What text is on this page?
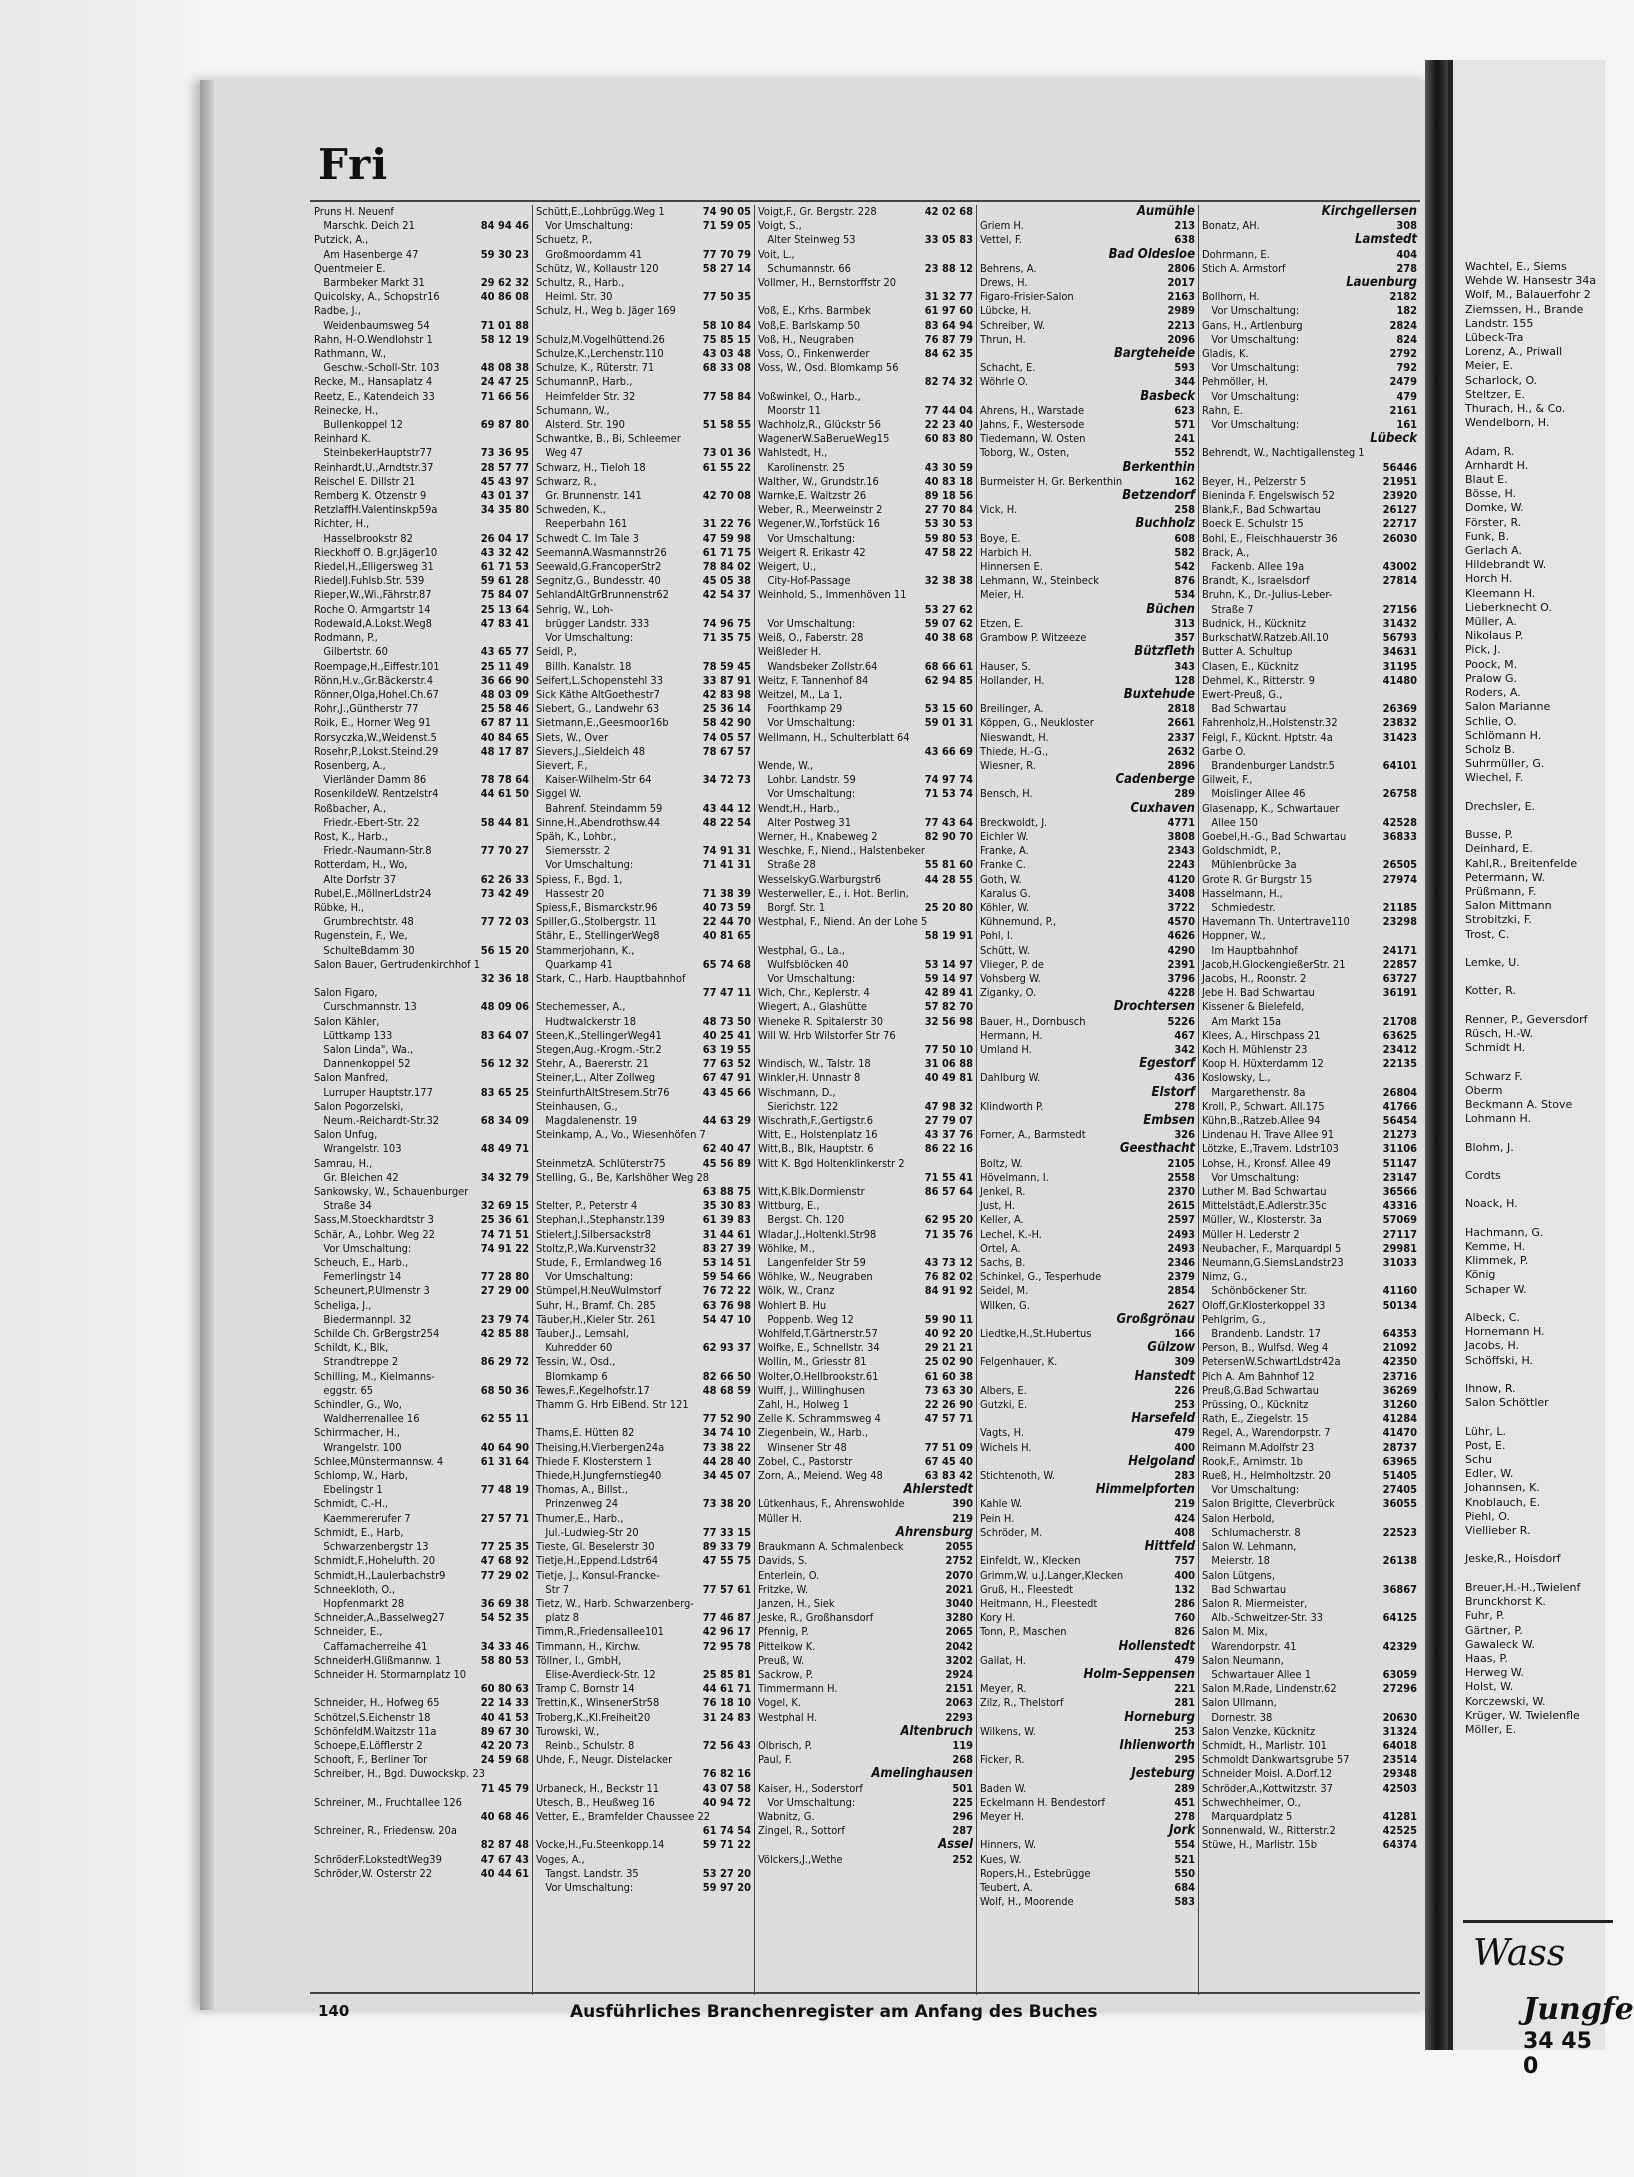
Fri
Pruns H. Neuenf
Marschk. Deich 21	84 94 46
Putzick, A.,
Am Hasenberge 47	59 30 23
Quentmeier E.
Barmbeker Markt 31	29 62 32
Quicolsky, A., Schopstr16	40 86 08
Radbe, J.,
Weidenbaumsweg 54	71 01 88
Rahn, H-O.Wendlohstr 1	58 12 19
Rathmann, W.,
Geschw.-Scholl-Str. 103	48 08 38
Recke, M., Hansaplatz 4	24 47 25
Reetz, E., Katendeich 33	71 66 56
Reinecke, H.,
Bullenkoppel 12	69 87 80
Reinhard K.
SteinbekerHauptstr77	73 36 95
Reinhardt,U.,Arndtstr.37	28 57 77
Reischel E. Dillstr 21	45 43 97
Remberg K. Otzenstr 9	43 01 37
RetzlaffH.Valentinskp59a	34 35 80
Richter, H.,
Hasselbrookstr 82	26 04 17
Rieckhoff O. B.gr.Jäger10	43 32 42
Riedel,H.,Elligersweg 31	61 71 53
RiedelJ.Fuhlsb.Str. 539	59 61 28
Rieper,W.,Wi.,Fährstr.87	75 84 07
Roche O. Armgartstr 14	25 13 64
Rodewald,A.Lokst.Weg8	47 83 41
Rodmann, P.,
Gilbertstr. 60	43 65 77
Roempage,H.,Eiffestr.101	25 11 49
Rönn,H.v.,Gr.Bäckerstr.4	36 66 90
Rönner,Olga,Hohel.Ch.67	48 03 09
Rohr,J.,Güntherstr 77	25 58 46
Roik, E., Horner Weg 91	67 87 11
Rorsyczka,W.,Weidenst.5	40 84 65
Rosehr,P.,Lokst.Steind.29	48 17 87
Rosenberg, A.,
Vierländer Damm 86	78 78 64
RosenkildeW. Rentzelstr4	44 61 50
Roßbacher, A.,
Friedr.-Ebert-Str. 22	58 44 81
Rost, K., Harb.,
Friedr.-Naumann-Str.8	77 70 27
Rotterdam, H., Wo,
Alte Dorfstr 37	62 26 33
Rubel,E.,MöllnerLdstr24	73 42 49
Rübke, H.,
Grumbrechtstr. 48	77 72 03
Rugenstein, F., We,
SchulteBdamm 30	56 15 20
Salon Bauer, Gertrudenkirchhof 1
32 36 18
Salon Figaro,
Curschmannstr. 13	48 09 06
Salon Kähler,
Lüttkamp 133	83 64 07
Salon Linda", Wa.,
Dannenkoppel 52	56 12 32
Salon Manfred,
Lurruper Hauptstr.177	83 65 25
Salon Pogorzelski,
Neum.-Reichardt-Str.32	68 34 09
Salon Unfug,
Wrangelstr. 103	48 49 71
Samrau, H.,
Gr. Bleichen 42	34 32 79
Sankowsky, W., Schauenburger
Straße 34	32 69 15
Sass,M.Stoeckhardtstr 3	25 36 61
Schär, A., Lohbr. Weg 22	74 71 51
Vor Umschaltung:	74 91 22
Scheuch, E., Harb.,
Femerlingstr 14	77 28 80
Scheunert,P.Ulmenstr 3	27 29 00
Scheliga, J.,
Biedermannpl. 32	23 79 74
Schilde Ch. GrBergstr254	42 85 88
Schildt, K., Blk,
Strandtreppe 2	86 29 72
Schilling, M., Kielmanns-
eggstr. 65	68 50 36
Schindler, G., Wo,
Waldherrenallee 16	62 55 11
Schirrmacher, H.,
Wrangelstr. 100	40 64 90
Schlee,Münstermannsw. 4	61 31 64
Schlomp, W., Harb,
Ebelingstr 1	77 48 19
Schmidt, C.-H.,
Kaemmererufer 7	27 57 71
Schmidt, E., Harb,
Schwarzenbergstr 13	77 25 35
Schmidt,F.,Hohelufth. 20	47 68 92
Schmidt,H.,Laulerbachstr9	77 29 02
Schneekloth, O.,
Hopfenmarkt 28	36 69 38
Schneider,A.,Basselweg27	54 52 35
Schneider, E.,
Caffamacherreihe 41	34 33 46
SchneiderH.Glißmannw. 1	58 80 53
Schneider H. Stormarnplatz 10
60 80 63
Schneider, H., Hofweg 65	22 14 33
Schötzel,S.Eichenstr 18	40 41 53
SchönfeldM.Waitzstr 11a	89 67 30
Schoepe,E.Löfflerstr 2	42 20 73
Schooft, F., Berliner Tor	24 59 68
Schreiber, H., Bgd. Duwockskp. 23
71 45 79
Schreiner, M., Fruchtallee 126
40 68 46
Schreiner, R., Friedensw. 20a
82 87 48
SchröderF.LokstedtWeg39	47 67 43
Schröder,W. Osterstr 22	40 44 61
Schütt,E.,Lohbrügg.Weg 1	74 90 05
Vor Umschaltung:	71 59 05
Schuetz, P.,
Großmoordamm 41	77 70 79
Schütz, W., Kollaustr 120	58 27 14
Schultz, R., Harb.,
Heiml. Str. 30	77 50 35
Schulz, H., Weg b. Jäger 169
58 10 84
Schulz,M.Vogelhüttend.26	75 85 15
Schulze,K.,Lerchenstr.110	43 03 48
Schulze, K., Rüterstr. 71	68 33 08
SchumannP., Harb.,
Heimfelder Str. 32	77 58 84
Schumann, W.,
Alsterd. Str. 190	51 58 55
Schwantke, B., Bi, Schleemer
Weg 47	73 01 36
Schwarz, H., Tieloh 18	61 55 22
Schwarz, R.,
Gr. Brunnenstr. 141	42 70 08
Schweden, K.,
Reeperbahn 161	31 22 76
Schwedt C. Im Tale 3	47 59 98
SeemannA.Wasmannstr26	61 71 75
Seewald,G.FrancoperStr2	78 84 02
Segnitz,G., Bundesstr. 40	45 05 38
SehlandAltGrBrunnenstr62	42 54 37
Sehrig, W., Loh-
brügger Landstr. 333	74 96 75
Vor Umschaltung:	71 35 75
Seidl, P.,
Billh. Kanalstr. 18	78 59 45
Seifert,L.Schopenstehl 33	33 87 91
Sick Käthe AltGoethestr7	42 83 98
Siebert, G., Landwehr 63	25 36 14
Sietmann,E.,Geesmoor16b	58 42 90
Siets, W., Over	74 05 57
Sievers,J.,Sieldeich 48	78 67 57
Sievert, F.,
Kaiser-Wilhelm-Str 64	34 72 73
Siggel W.
Bahrenf. Steindamm 59	43 44 12
Sinne,H.,Abendrothsw.44	48 22 54
Späh, K., Lohbr.,
Siemersstr. 2	74 91 31
Vor Umschaltung:	71 41 31
Spiess, F., Bgd. 1,
Hassestr 20	71 38 39
Spiess,F., Bismarckstr.96	40 73 59
Spiller,G.,Stolbergstr. 11	22 44 70
Stähr, E., StellingerWeg8	40 81 65
Stammerjohann, K.,
Quarkamp 41	65 74 68
Stark, C., Harb. Hauptbahnhof
77 47 11
Stechemesser, A.,
Hudtwalckerstr 18	48 73 50
Steen,K.,StellingerWeg41	40 25 41
Stegen,Aug.-Krogm.-Str.2	63 19 55
Stehr, A., Baererstr. 21	77 63 52
Steiner,L., Alter Zollweg	67 47 91
SteinfurthAltStresem.Str76	43 45 66
Steinhausen, G.,
Magdalenenstr. 19	44 63 29
Steinkamp, A., Vo., Wiesenhöfen 7
62 40 47
SteinmetzA. Schlüterstr75	45 56 89
Stelling, G., Be, Karlshöher Weg 28
63 88 75
Stelter, P., Peterstr 4	35 30 83
Stephan,I.,Stephanstr.139	61 39 83
Stielert,J.Silbersackstr8	31 44 61
Stoltz,P.,Wa.Kurvenstr32	83 27 39
Stude, F., Ermlandweg 16	53 14 51
Vor Umschaltung:	59 54 66
Stümpel,H.NeuWulmstorf	76 72 22
Suhr, H., Bramf. Ch. 285	63 76 98
Täuber,H.,Kieler Str. 261	54 47 10
Tauber,J., Lemsahl,
Kuhredder 60	62 93 37
Tessin, W., Osd.,
Blomkamp 6	82 66 50
Tewes,F.,Kegelhofstr.17	48 68 59
Thamm G. Hrb EiBend. Str 121
77 52 90
Thams,E. Hütten 82	34 74 10
Theising,H.Vierbergen24a	73 38 22
Thiede F. Klosterstern 1	44 28 40
Thiede,H.Jungfernstieg40	34 45 07
Thomas, A., Billst.,
Prinzenweg 24	73 38 20
Thumer,E., Harb.,
Jul.-Ludwieg-Str 20	77 33 15
Tieste, Gl. Beselerstr 30	89 33 79
Tietje,H.,Eppend.Ldstr64	47 55 75
Tietje, J., Konsul-Francke-
Str 7	77 57 61
Tietz, W., Harb. Schwarzenberg-
platz 8	77 46 87
Timm,R.,Friedensallee101	42 96 17
Timmann, H., Kirchw.	72 95 78
Töllner, I., GmbH,
Elise-Averdieck-Str. 12	25 85 81
Tramp C. Bornstr 14	44 61 71
Trettin,K., WinsenerStr58	76 18 10
Troberg,K.,Kl.Freiheit20	31 24 83
Turowski, W.,
Reinb., Schulstr. 8	72 56 43
Uhde, F., Neugr. Distelacker
76 82 16
Urbaneck, H., Beckstr 11	43 07 58
Utesch, B., Heußweg 16	40 94 72
Vetter, E., Bramfelder Chaussee 22
61 74 54
Vocke,H.,Fu.Steenkopp.14	59 71 22
Voges, A.,
Tangst. Landstr. 35	53 27 20
Vor Umschaltung:	59 97 20
Voigt,F., Gr. Bergstr. 228	42 02 68
Voigt, S.,
Alter Steinweg 53	33 05 83
Voit, L.,
Schumannstr. 66	23 88 12
Vollmer, H., Bernstorffstr 20
31 32 77
Voß, E., Krhs. Barmbek	61 97 60
Voß,E. Barlskamp 50	83 64 94
Voß, H., Neugraben	76 87 79
Voss, O., Finkenwerder	84 62 35
Voss, W., Osd. Blomkamp 56
82 74 32
Voßwinkel, O., Harb.,
Moorstr 11	77 44 04
Wachholz,R., Glückstr 56	22 23 40
WagenerW.SaBerueWeg15	60 83 80
Wahlstedt, H.,
Karolinenstr. 25	43 30 59
Walther, W., Grundstr.16	40 83 18
Warnke,E. Waitzstr 26	89 18 56
Weber, R., Meerweinstr 2	27 70 84
Wegener,W.,Torfstück 16	53 30 53
Vor Umschaltung:	59 80 53
Weigert R. Erikastr 42	47 58 22
Weigert, U.,
City-Hof-Passage	32 38 38
Weinhold, S., Immenhöven 11
53 27 62
Vor Umschaltung:	59 07 62
Weiß, O., Faberstr. 28	40 38 68
Weißleder H.
Wandsbeker Zollstr.64	68 66 61
Weitz, F. Tannenhof 84	62 94 85
Weitzel, M., La 1,
Foorthkamp 29	53 15 60
Vor Umschaltung:	59 01 31
Wellmann, H., Schulterblatt 64
43 66 69
Wende, W.,
Lohbr. Landstr. 59	74 97 74
Vor Umschaltung:	71 53 74
Wendt,H., Harb.,
Alter Postweg 31	77 43 64
Werner, H., Knabeweg 2	82 90 70
Weschke, F., Niend., Halstenbeker
Straße 28	55 81 60
WesselskyG.Warburgstr6	44 28 55
Westerweller, E., i. Hot. Berlin,
Borgf. Str. 1	25 20 80
Westphal, F., Niend. An der Lohe 5
58 19 91
Westphal, G., La.,
Wulfsblöcken 40	53 14 97
Vor Umschaltung:	59 14 97
Wich, Chr., Keplerstr. 4	42 89 41
Wiegert, A., Glashütte	57 82 70
Wieneke R. Spitalerstr 30	32 56 98
Will W. Hrb Wilstorfer Str 76
77 50 10
Windisch, W., Talstr. 18	31 06 88
Winkler,H. Unnastr 8	40 49 81
Wischmann, D.,
Sierichstr. 122	47 98 32
Wischrath,F.,Gertigstr.6	27 79 07
Witt, E., Holstenplatz 16	43 37 76
Witt,B., Blk, Hauptstr. 6	86 22 16
Witt K. Bgd Holtenklinkerstr 2
71 55 41
Witt,K.Blk.Dormienstr	86 57 64
Wittburg, E.,
Bergst. Ch. 120	62 95 20
Wladar,J.,Holtenkl.Str98	71 35 76
Wöhlke, M.,
Langenfelder Str 59	43 73 12
Wöhlke, W., Neugraben	76 82 02
Wölk, W., Cranz	84 91 92
Wohlert B. Hu
Poppenb. Weg 12	59 90 11
Wohlfeld,T.Gärtnerstr.57	40 92 20
Wolfke, E., Schnellstr. 34	29 21 21
Wollin, M., Griesstr 81	25 02 90
Wolter,O.Hellbrookstr.61	61 60 38
Wulff, J., Willinghusen	73 63 30
Zahl, H., Holweg 1	22 26 90
Zelle K. Schrammsweg 4	47 57 71
Ziegenbein, W., Harb.,
Winsener Str 48	77 51 09
Zobel, C., Pastorstr	67 45 40
Zorn, A., Meiend. Weg 48	63 83 42
Ahlerstedt
Lütkenhaus, F., Ahrenswohlde	390
Müller H.	219
Ahrensburg
Braukmann A. Schmalenbeck	2055
Davids, S.	2752
Enterlein, O.	2070
Fritzke, W.	2021
Janzen, H., Siek	3040
Jeske, R., Großhansdorf	3280
Pfennig, P.	2065
Pittelkow K.	2042
Preuß, W.	3202
Sackrow, P.	2924
Timmermann H.	2151
Vogel, K.	2063
Westphal H.	2293
Altenbruch
Olbrisch, P.	119
Paul, F.	268
Amelinghausen
Kaiser, H., Soderstorf	501
Vor Umschaltung:	225
Wabnitz, G.	296
Zingel, R., Sottorf	287
Assel
Völckers,J.,Wethe	252
Aumühle
Griem H.	213
Vettel, F.	638
Bad Oldesloe
Behrens, A.	2806
Drews, H.	2017
Figaro-Frisier-Salon	2163
Lübcke, H.	2989
Schreiber, W.	2213
Thrun, H.	2096
Bargteheide
Schacht, E.	593
Wöhrle O.	344
Basbeck
Ahrens, H., Warstade	623
Jahns, F., Westersode	571
Tiedemann, W. Osten	241
Toborg, W., Osten,	552
Berkenthin
Burmeister H. Gr. Berkenthin	162
Betzendorf
Vick, H.	258
Buchholz
Boye, E.	608
Harbich H.	582
Hinnersen E.	542
Lehmann, W., Steinbeck	876
Meier, H.	534
Büchen
Etzen, E.	313
Grambow P. Witzeeze	357
Bützfleth
Hauser, S.	343
Hollander, H.	128
Buxtehude
Breilinger, A.	2818
Köppen, G., Neukloster	2661
Nieswandt, H.	2337
Thiede, H.-G.,	2632
Wiesner, R.	2896
Cadenberge
Bensch, H.	289
Cuxhaven
Breckwoldt, J.	4771
Eichler W.	3808
Franke, A.	2343
Franke C.	2243
Goth, W.	4120
Karalus G.	3408
Köhler, W.	3722
Kühnemund, P.,	4570
Pohl, I.	4626
Schütt, W.	4290
Vlieger, P. de	2391
Vohsberg W.	3796
Ziganky, O.	4228
Drochtersen
Bauer, H., Dornbusch	5226
Hermann, H.	467
Umland H.	342
Egestorf
Dahlburg W.	436
Elstorf
Klindworth P.	278
Embsen
Forner, A., Barmstedt	326
Geesthacht
Boltz, W.	2105
Hövelmann, I.	2558
Jenkel, R.	2370
Just, H.	2615
Keller, A.	2597
Lechel, K.-H.	2493
Ortel, A.	2493
Sachs, B.	2346
Schinkel, G., Tesperhude	2379
Seidel, M.	2854
Wilken, G.	2627
Großgrönau
Liedtke,H.,St.Hubertus	166
Gülzow
Felgenhauer, K.	309
Hanstedt
Albers, E.	226
Gutzki, E.	253
Harsefeld
Vagts, H.	479
Wichels H.	400
Helgoland
Stichtenoth, W.	283
Himmelpforten
Kahle W.	219
Pein H.	424
Schröder, M.	408
Hittfeld
Einfeldt, W., Klecken	757
Grimm,W. u.J.Langer,Klecken	400
Gruß, H., Fleestedt	132
Heitmann, H., Fleestedt	286
Kory H.	760
Tonn, P., Maschen	826
Hollenstedt
Gailat, H.	479
Holm-Seppensen
Meyer, R.	221
Zilz, R., Thelstorf	281
Horneburg
Wilkens, W.	253
Ihlienworth
Ficker, R.	295
Jesteburg
Baden W.	289
Eckelmann H. Bendestorf	451
Meyer H.	278
Jork
Hinners, W.	554
Kues, W.	521
Ropers,H., Estebrügge	550
Teubert, A.	684
Wolf, H., Moorende	583
Kirchgellersen
Bonatz, AH.	308
Lamstedt
Dohrmann, E.	404
Stich A. Armstorf	278
Lauenburg
Bollhorn, H.	2182
Vor Umschaltung:	182
Gans, H., Artlenburg	2824
Vor Umschaltung:	824
Gladis, K.	2792
Vor Umschaltung:	792
Pehmöller, H.	2479
Vor Umschaltung:	479
Rahn, E.	2161
Vor Umschaltung:	161
Lübeck
Behrendt, W., Nachtigallensteg 1
56446
Beyer, H., Pelzerstr 5	21951
Bieninda F. Engelswisch 52	23920
Blank,F., Bad Schwartau	26127
Boeck E. Schulstr 15	22717
Bohl, E., Fleischhauerstr 36	26030
Brack, A.,
Fackenb. Allee 19a	43002
Brandt, K., Israelsdorf	27814
Bruhn, K., Dr.-Julius-Leber-
Straße 7	27156
Budnick, H., Kücknitz	31432
BurkschatW.Ratzeb.All.10	56793
Butter A. Schultup	34631
Clasen, E., Kücknitz	31195
Dehmel, K., Ritterstr. 9	41480
Ewert-Preuß, G.,
Bad Schwartau	26369
Fahrenholz,H.,Holstenstr.32	23832
Feigl, F., Kücknt. Hptstr. 4a	31423
Garbe O.
Brandenburger Landstr.5	64101
Gilweit, F.,
Moislinger Allee 46	26758
Glasenapp, K., Schwartauer
Allee 150	42528
Goebel,H.-G., Bad Schwartau	36833
Goldschmidt, P.,
Mühlenbrücke 3a	26505
Grote R. Gr Burgstr 15	27974
Hasselmann, H.,
Schmiedestr.	21185
Havemann Th. Untertrave110	23298
Hoppner, W.,
Im Hauptbahnhof	24171
Jacob,H.GlockengießerStr. 21	22857
Jacobs, H., Roonstr. 2	63727
Jebe H. Bad Schwartau	36191
Kissener & Bielefeld,
Am Markt 15a	21708
Klees, A., Hirschpass 21	63625
Koch H. Mühlenstr 23	23412
Koop H. Hüxterdamm 12	22135
Koslowsky, L.,
Margarethenstr. 8a	26804
Kroll, P., Schwart. All.175	41766
Kühn,B.,Ratzeb.Allee 94	56454
Lindenau H. Trave Allee 91	21273
Lötzke, E.,Travem. Ldstr103	31106
Lohse, H., Kronsf. Allee 49	51147
Vor Umschaltung:	23147
Luther M. Bad Schwartau	36566
Mittelstädt,E.Adlerstr.35c	43316
Müller, W., Klosterstr. 3a	57069
Müller H. Lederstr 2	27117
Neubacher, F., Marquardpl 5	29981
Neumann,G.SiemsLandstr23	31033
Nimz, G.,
Schönböckener Str.	41160
Oloff,Gr.Klosterkoppel 33	50134
Pehlgrim, G.,
Brandenb. Landstr. 17	64353
Person, B., Wulfsd. Weg 4	21092
PetersenW.SchwartLdstr42a	42350
Pich A. Am Bahnhof 12	23716
Preuß,G.Bad Schwartau	36269
Prüssing, O., Kücknitz	31260
Rath, E., Ziegelstr. 15	41284
Regel, A., Warendorpstr. 7	41470
Reimann M.Adolfstr 23	28737
Rook,F., Arnimstr. 1b	63965
Rueß, H., Helmholtzstr. 20	51405
Vor Umschaltung:	27405
Salon Brigitte, Cleverbrück	36055
Salon Herbold,
Schlumacherstr. 8	22523
Salon W. Lehmann,
Meierstr. 18	26138
Salon Lütgens,
Bad Schwartau	36867
Salon R. Miermeister,
Alb.-Schweitzer-Str. 33	64125
Salon M. Mix,
Warendorpstr. 41	42329
Salon Neumann,
Schwartauer Allee 1	63059
Salon M.Rade, Lindenstr.62	27296
Salon Ullmann,
Dornestr. 38	20630
Salon Venzke, Kücknitz	31324
Schmidt, H., Marlistr. 101	64018
Schmoldt Dankwartsgrube 57	23514
Schneider Moisl. A.Dorf.12	29348
Schröder,A.,Kottwitzstr. 37	42503
Schwechheimer, O.,
Marquardplatz 5	41281
Sonnenwald, W., Ritterstr.2	42525
Stüwe, H., Marlistr. 15b	64374
140	Ausführliches Branchenregister am Anfang des Buches
Wachtel, E., Siems
Wehde W. Hansestr 34a
Wolf, M., Balauerfohr 2
Ziemssen, H., Brande
Landstr. 155
Lübeck-Tra
Lorenz, A., Priwall
Meier, E.
Scharlock, O.
Steltzer, E.
Thurach, H., & Co.
Wendelborn, H.

Adam, R.
Arnhardt H.
Blaut E.
Bösse, H.
Domke, W.
Förster, R.
Funk, B.
Gerlach A.
Hildebrandt W.
Horch H.
Kleemann H.
Lieberknecht O.
Müller, A.
Nikolaus P.
Pick, J.
Poock, M.
Pralow G.
Roders, A.
Salon Marianne
Schlie, O.
Schlömann H.
Scholz B.
Suhrmüller, G.
Wiechel, F.

Drechsler, E.

Busse, P.
Deinhard, E.
Kahl,R., Breitenfelde
Petermann, W.
Prüßmann, F.
Salon Mittmann
Strobitzki, F.
Trost, C.

Lemke, U.

Kotter, R.

Renner, P., Geversdorf
Rüsch, H.-W.
Schmidt H.

Schwarz F.
Oberm
Beckmann A. Stove
Lohmann H.

Blohm, J.

Cordts

Noack, H.

Hachmann, G.
Kemme, H.
Klimmek, P.
König
Schaper W.

Albeck, C.
Hornemann H.
Jacobs, H.
Schöffski, H.

Ihnow, R.
Salon Schöttler

Lühr, L.
Post, E.
Schu
Edler, W.
Johannsen, K.
Knoblauch, E.
Piehl, O.
Viellieber R.

Jeske,R., Hoisdorf

Breuer,H.-H.,Twielenf
Brunckhorst K.
Fuhr, P.
Gärtner, P.
Gawaleck W.
Haas, P.
Herweg W.
Holst, W.
Korczewski, W.
Krüger, W. Twielenfle
Möller, E.
Wass
Jungfe
34 45 0
